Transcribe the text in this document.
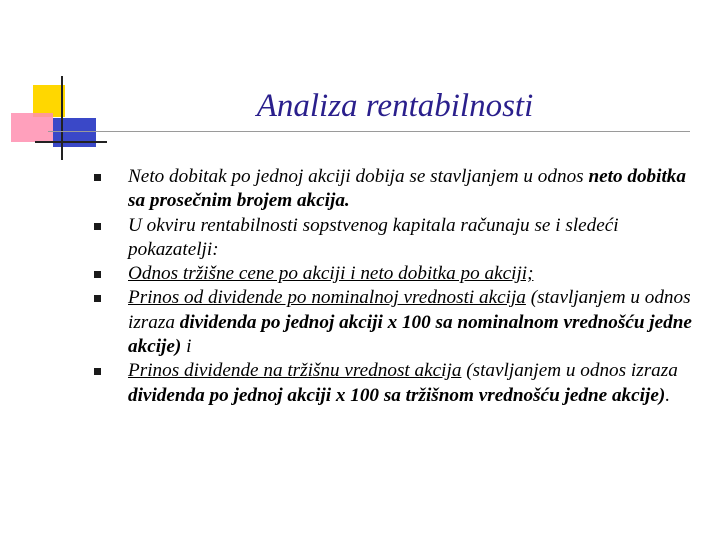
Analiza rentabilnosti
Neto dobitak po jednoj akciji dobija se stavljanjem u odnos neto dobitka sa prosečnim brojem akcija.
U okviru rentabilnosti sopstvenog kapitala računaju se i sledeći pokazatelji:
Odnos tržišne cene po akciji i neto dobitka po akciji;
Prinos od dividende po nominalnoj vrednosti akcija (stavljanjem u odnos izraza dividenda po jednoj akciji x 100 sa nominalnom vrednošću jedne akcije) i
Prinos dividende na tržišnu vrednost akcija (stavljanjem u odnos izraza dividenda po jednoj akciji x 100 sa tržišnom vrednošću jedne akcije).
